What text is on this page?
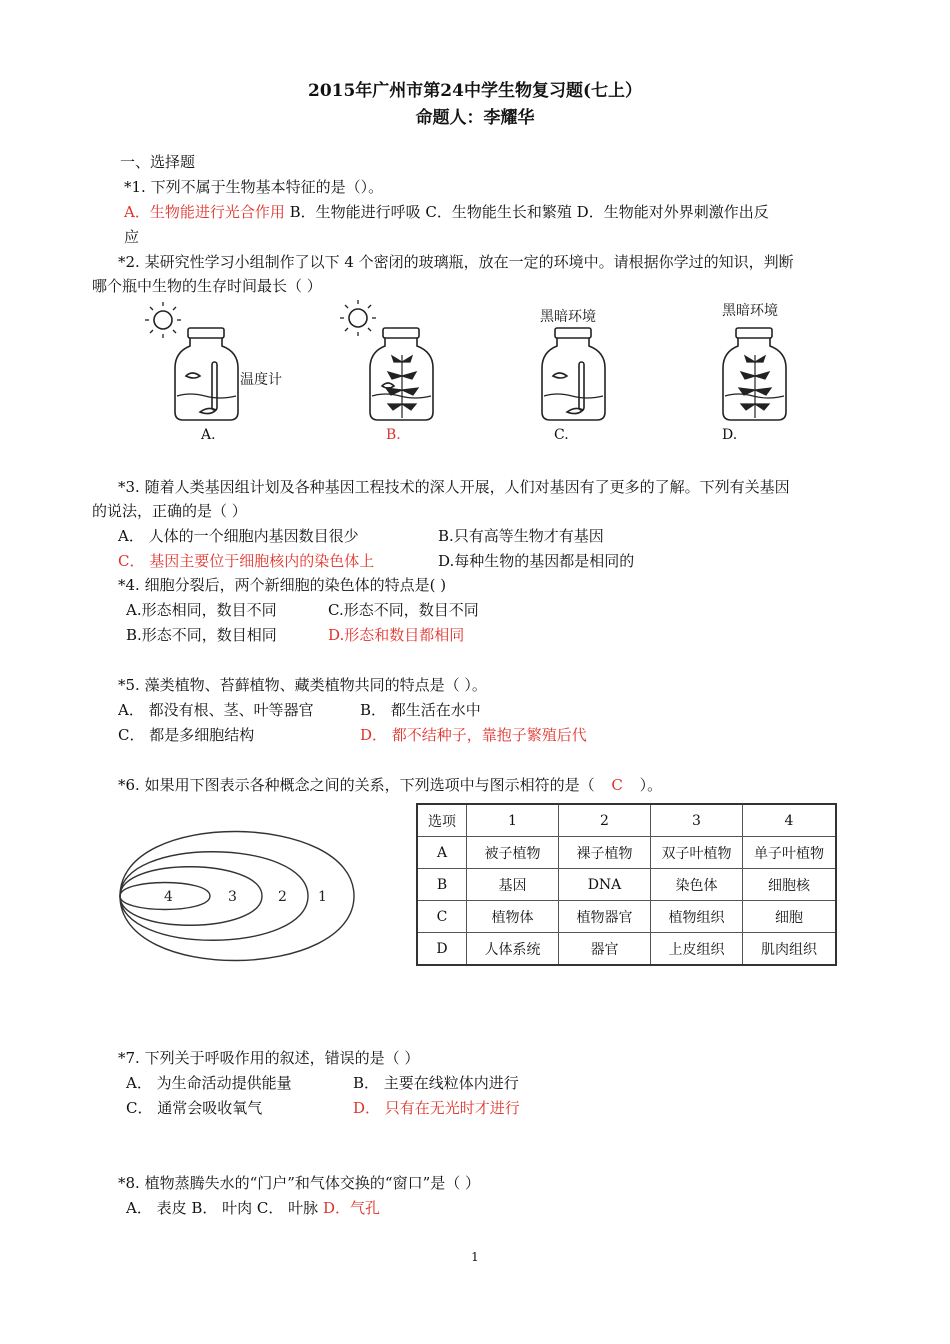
2015年广州市第24中学生物复习题(七上）
命题人：李耀华
一、选择题
*1. 下列不属于生物基本特征的是（）。
A．生物能进行光合作用 B．生物能进行呼吸 C．生物能生长和繁殖 D．生物能对外界刺激作出反
应
*2. 某研究性学习小组制作了以下 4 个密闭的玻璃瓶，放在一定的环境中。请根据你学过的知识，判断
哪个瓶中生物的生存时间最长（ ）
温度计
黑暗环境	黑暗环境
A.	B.	C.	D.
*3. 随着人类基因组计划及各种基因工程技术的深人开展，人们对基因有了更多的了解。下列有关基因
的说法，正确的是（ ）
A． 人体的一个细胞内基因数目很少	B.只有高等生物才有基因
C． 基因主要位于细胞核内的染色体上	D.每种生物的基因都是相同的
*4. 细胞分裂后，两个新细胞的染色体的特点是( )
A.形态相同，数目不同	C.形态不同，数目不同
B.形态不同，数目相同	D.形态和数目都相同
*5. 藻类植物、苔藓植物、藏类植物共同的特点是（ ）。
A． 都没有根、茎、叶等器官	B． 都生活在水中
C． 都是多细胞结构	D． 都不结种子，靠抱子繁殖后代
*6. 如果用下图表示各种概念之间的关系，下列选项中与图示相符的是（ C ）。
4	3	2 1
选项	1	2	3	4
A	被子植物	裸子植物	双子叶植物	单子叶植物
B	基因	DNA	染色体	细胞核
C	植物体	植物器官	植物组织	细胞
D	人体系统	器官	上皮组织	肌肉组织
*7. 下列关于呼吸作用的叙述，错误的是（ ）
A． 为生命活动提供能量	B． 主要在线粒体内进行
C． 通常会吸收氧气	D． 只有在无光时才进行
*8. 植物蒸腾失水的“门户”和气体交换的“窗口”是（ ）
A． 表皮 B． 叶肉 C． 叶脉 D．气孔
1
